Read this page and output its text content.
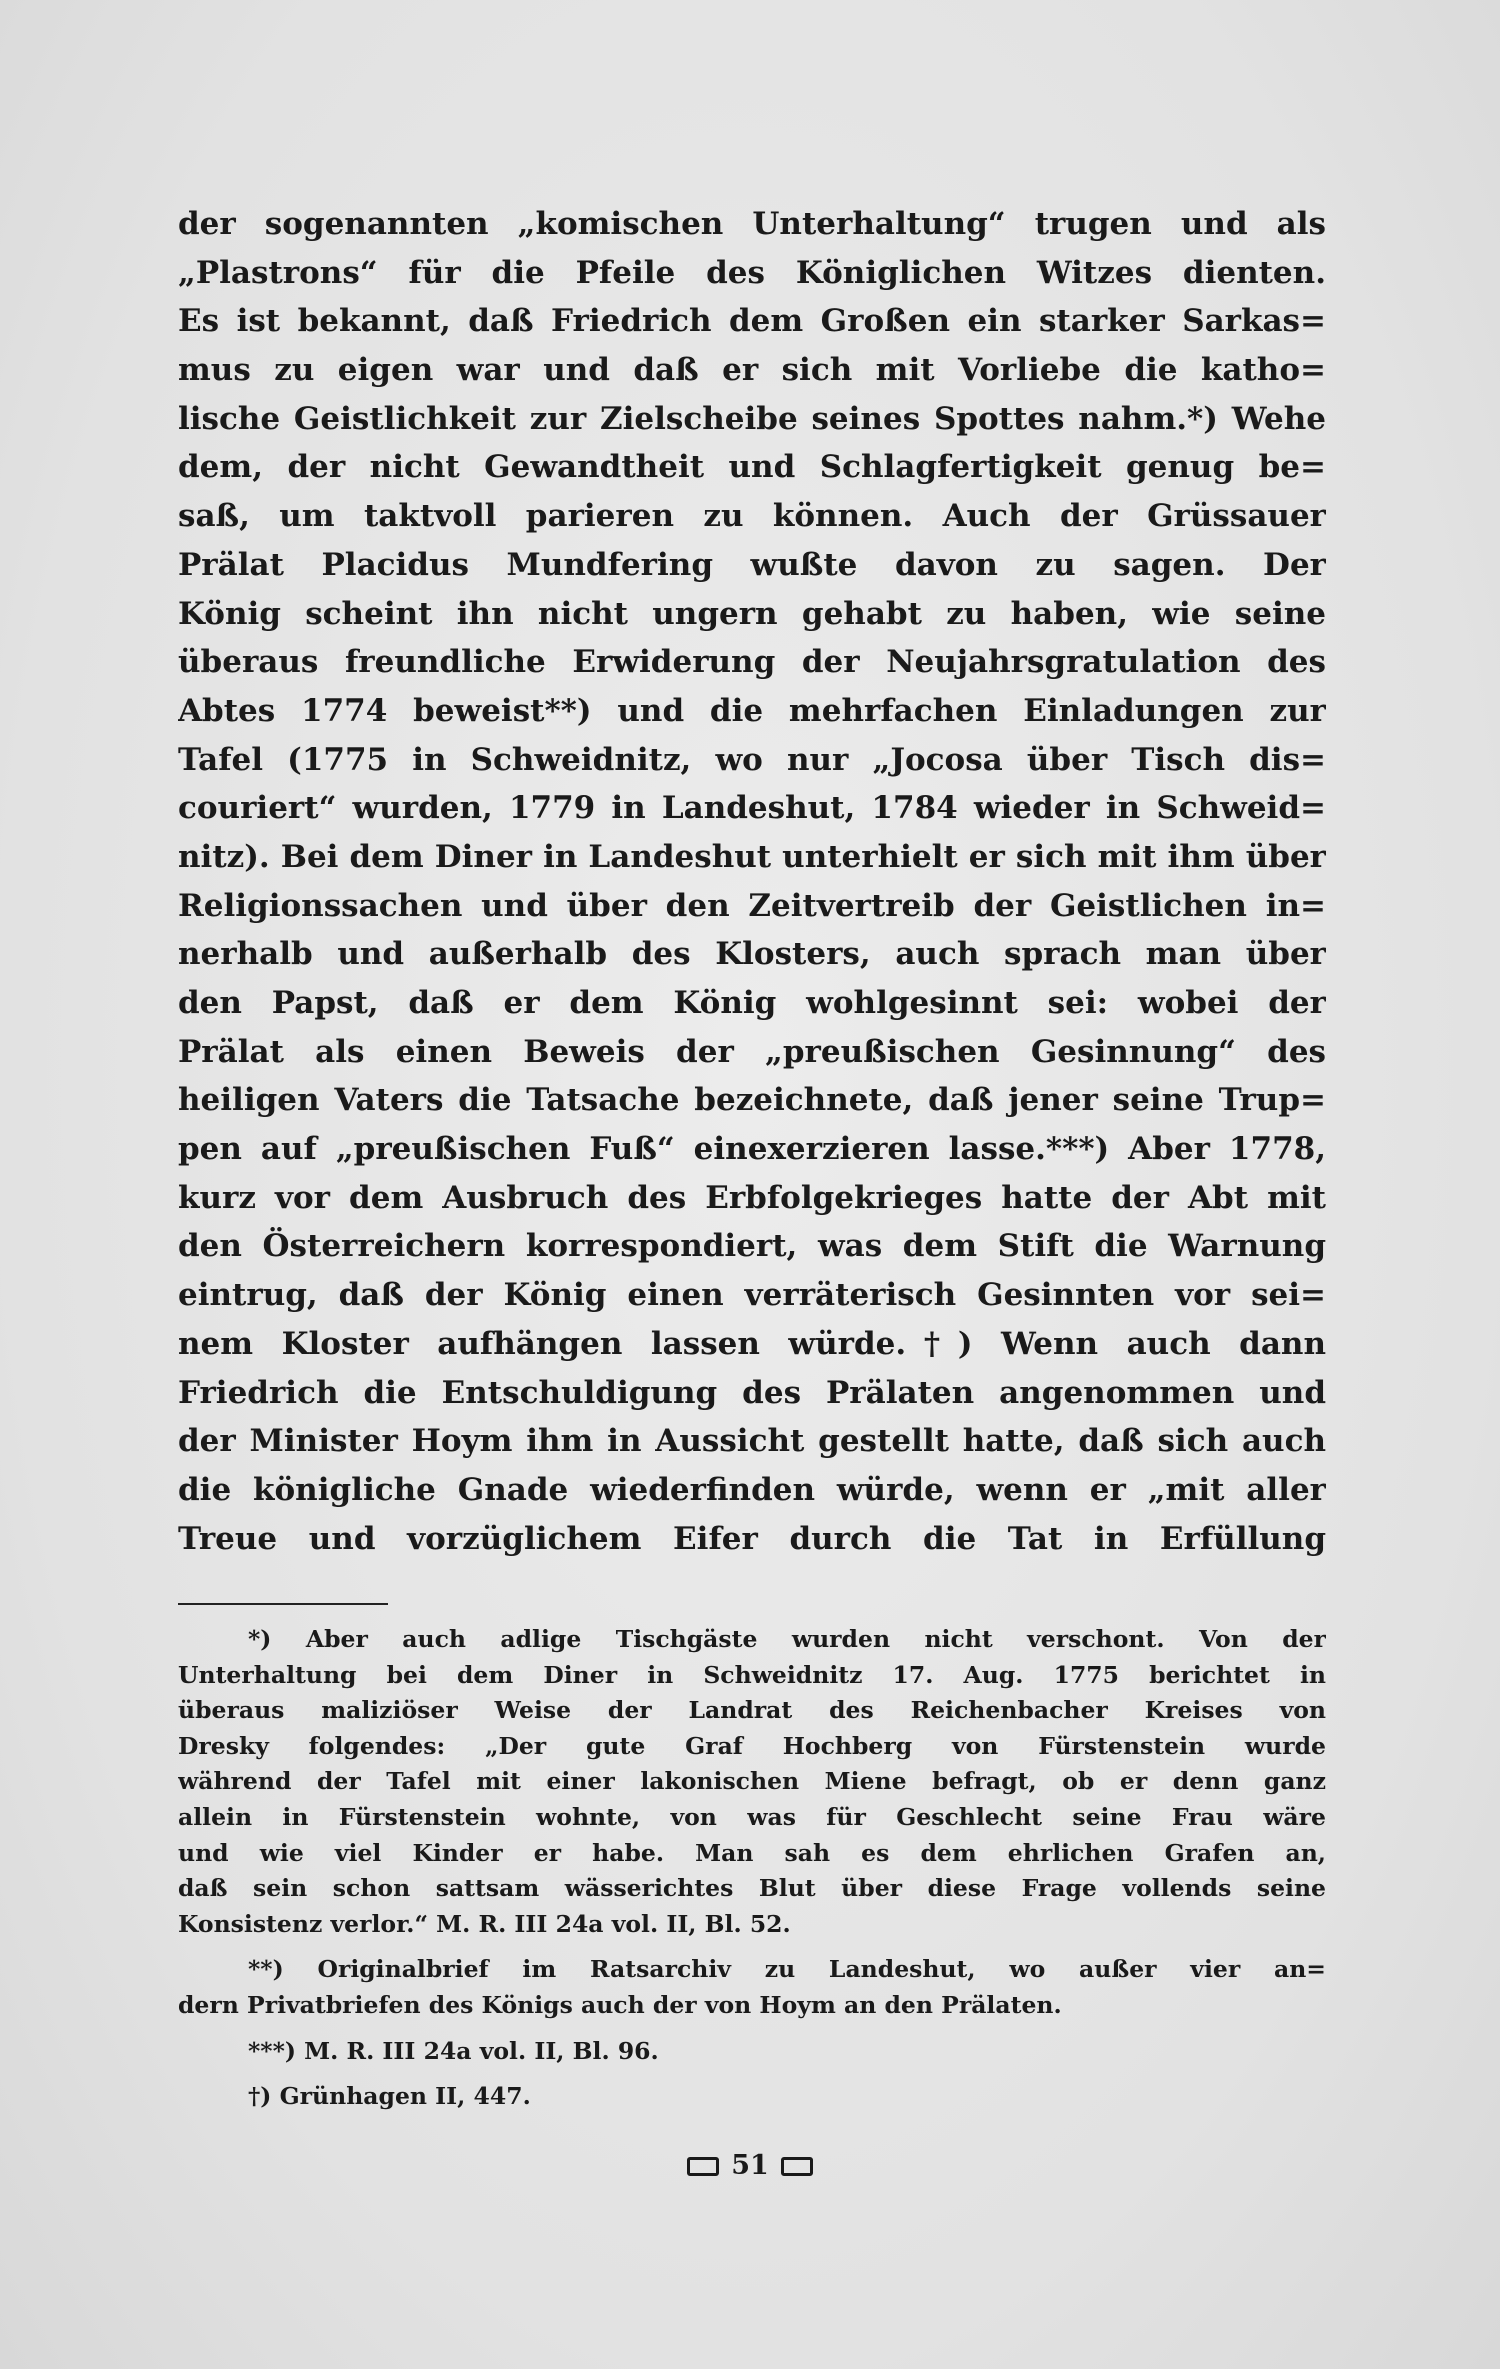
der sogenannten „komischen Unterhaltung“ trugen und als
„Plastrons“ für die Pfeile des Königlichen Witzes dienten.
Es ist bekannt, daß Friedrich dem Großen ein starker Sarkas=
mus zu eigen war und daß er sich mit Vorliebe die katho=
lische Geistlichkeit zur Zielscheibe seines Spottes nahm.*) Wehe
dem, der nicht Gewandtheit und Schlagfertigkeit genug be=
saß, um taktvoll parieren zu können. Auch der Grüssauer
Prälat Placidus Mundfering wußte davon zu sagen. Der
König scheint ihn nicht ungern gehabt zu haben, wie seine
überaus freundliche Erwiderung der Neujahrsgratulation des
Abtes 1774 beweist**) und die mehrfachen Einladungen zur
Tafel (1775 in Schweidnitz, wo nur „Jocosa über Tisch dis=
couriert“ wurden, 1779 in Landeshut, 1784 wieder in Schweid=
nitz). Bei dem Diner in Landeshut unterhielt er sich mit ihm über
Religionssachen und über den Zeitvertreib der Geistlichen in=
nerhalb und außerhalb des Klosters, auch sprach man über
den Papst, daß er dem König wohlgesinnt sei: wobei der
Prälat als einen Beweis der „preußischen Gesinnung“ des
heiligen Vaters die Tatsache bezeichnete, daß jener seine Trup=
pen auf „preußischen Fuß“ einexerzieren lasse.***) Aber 1778,
kurz vor dem Ausbruch des Erbfolgekrieges hatte der Abt mit
den Österreichern korrespondiert, was dem Stift die Warnung
eintrug, daß der König einen verräterisch Gesinnten vor sei=
nem Kloster aufhängen lassen würde.†) Wenn auch dann
Friedrich die Entschuldigung des Prälaten angenommen und
der Minister Hoym ihm in Aussicht gestellt hatte, daß sich auch
die königliche Gnade wiederfinden würde, wenn er „mit aller
Treue und vorzüglichem Eifer durch die Tat in Erfüllung
*) Aber auch adlige Tischgäste wurden nicht verschont. Von der
Unterhaltung bei dem Diner in Schweidnitz 17. Aug. 1775 berichtet in
überaus maliziöser Weise der Landrat des Reichenbacher Kreises von
Dresky folgendes: „Der gute Graf Hochberg von Fürstenstein wurde
während der Tafel mit einer lakonischen Miene befragt, ob er denn ganz
allein in Fürstenstein wohnte, von was für Geschlecht seine Frau wäre
und wie viel Kinder er habe. Man sah es dem ehrlichen Grafen an,
daß sein schon sattsam wässerichtes Blut über diese Frage vollends seine
Konsistenz verlor.“ M. R. III 24a vol. II, Bl. 52.
**) Originalbrief im Ratsarchiv zu Landeshut, wo außer vier an=
dern Privatbriefen des Königs auch der von Hoym an den Prälaten.
***) M. R. III 24a vol. II, Bl. 96.
†) Grünhagen II, 447.
51
